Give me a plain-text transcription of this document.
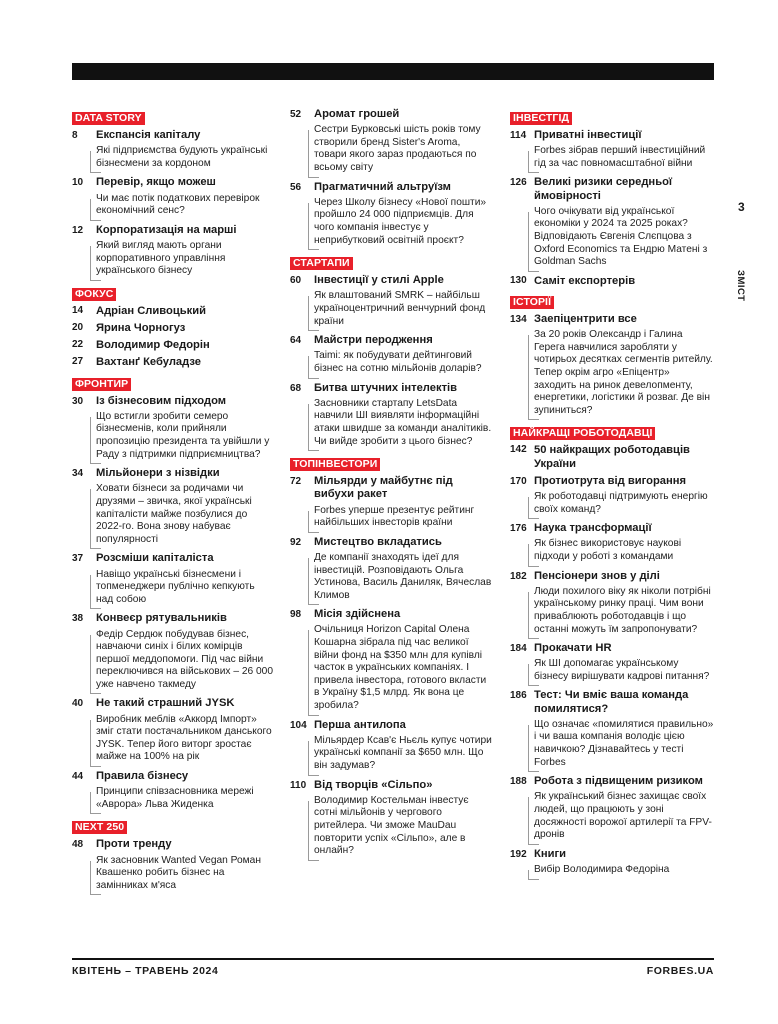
DATA STORY
8	Експансія капіталу
Які підприємства будують українські бізнесмени за кордоном
10	Перевір, якщо можеш
Чи має потік податкових перевірок економічний сенс?
12	Корпоратизація на марші
Який вигляд мають органи корпоративного управління українського бізнесу
ФОКУС
14	Адріан Сливоцький
20	Ярина Чорногуз
22	Володимир Федорін
27	Вахтанґ Кебуладзе
ФРОНТИР
30	Із бізнесовим підходом
Що встигли зробити семеро бізнесменів, коли прийняли пропозицію президента та увійшли у Раду з підтримки підприємництва?
34	Мільйонери з нізвідки
Ховати бізнеси за родичами чи друзями – звичка, якої українські капіталісти майже позбулися до 2022-го. Вона знову набуває популярності
37	Розсміши капіталіста
Навіщо українські бізнесмени і топменеджери публічно кепкують над собою
38	Конвеєр рятувальників
Федір Сердюк побудував бізнес, навчаючи синіх і білих комірців першої меддопомоги. Під час війни переключився на військових – 26 000 уже навчено такмеду
40	Не такий страшний JYSK
Виробник меблів «Аккорд Імпорт» зміг стати постачальником данського JYSK. Тепер його виторг зростає майже на 100% на рік
44	Правила бізнесу
Принципи співзасновника мережі «Аврора» Льва Жиденка
NEXT 250
48	Проти тренду
Як засновник Wanted Vegan Роман Квашенко робить бізнес на замінниках м'яса
52	Аромат грошей
Сестри Бурковські шість років тому створили бренд Sister's Aroma, товари якого зараз продаються по всьому світу
56	Прагматичний альтруїзм
Через Школу бізнесу «Нової пошти» пройшло 24 000 підприємців. Для чого компанія інвестує у неприбутковий освітній проєкт?
СТАРТАПИ
60	Інвестиції у стилі Apple
Як влаштований SMRK – найбільш україноцентричний венчурний фонд країни
64	Майстри перодження
Taimi: як побудувати дейтинговий бізнес на сотню мільйонів доларів?
68	Битва штучних інтелектів
Засновники стартапу LetsData навчили ШІ виявляти інформаційні атаки швидше за команди аналітиків. Чи вийде зробити з цього бізнес?
ТОПІНВЕСТОРИ
72	Мільярди у майбутнє під вибухи ракет
Forbes уперше презентує рейтинг найбільших інвесторів країни
92	Мистецтво вкладатись
Де компанії знаходять ідеї для інвестицій. Розповідають Ольга Устинова, Василь Даниляк, Вячеслав Климов
98	Місія здійснена
Очільниця Horizon Capital Олена Кошарна зібрала під час великої війни фонд на $350 млн для купівлі часток в українських компаніях. І привела інвестора, готового вкласти в Україну $1,5 млрд. Як вона це зробила?
104 Перша антилопа
Мільярдер Ксав'є Ньєль купує чотири українські компанії за $650 млн. Що він задумав?
110 Від творців «Сільпо»
Володимир Костельман інвестує сотні мільйонів у чергового ритейлера. Чи зможе MauDau повторити успіх «Сільпо», але в онлайн?
ІНВЕСТГІД
114 Приватні інвестиції
Forbes зібрав перший інвестиційний гід за час повномасштабної війни
126 Великі ризики середньої ймовірності
Чого очікувати від української економіки у 2024 та 2025 роках? Відповідають Євгенія Слєпцова з Oxford Economics та Ендрю Матені з Goldman Sachs
130 Саміт експортерів
ІСТОРІЇ
134 Заепіцентрити все
За 20 років Олександр і Галина Герега навчилися заробляти у чотирьох десятках сегментів ритейлу. Тепер окрім агро «Епіцентр» заходить на ринок девелопменту, енергетики, логістики й розваг. Де він зупиниться?
НАЙКРАЩІ РОБОТОДАВЦІ
142 50 найкращих роботодавців України
170 Протиотрута від вигорання
Як роботодавці підтримують енергію своїх команд?
176 Наука трансформації
Як бізнес використовує наукові підходи у роботі з командами
182 Пенсіонери знов у ділі
Люди похилого віку як ніколи потрібні українському ринку праці. Чим вони приваблюють роботодавців і що останні можуть їм запропонувати?
184 Прокачати HR
Як ШІ допомагає українському бізнесу вирішувати кадрові питання?
186 Тест: Чи вміє ваша команда помилятися?
Що означає «помилятися правильно» і чи ваша компанія володіє цією навичкою? Дізнавайтесь у тесті Forbes
188 Робота з підвищеним ризиком
Як український бізнес захищає своїх людей, що працюють у зоні досяжності ворожої артилерії та FPV-дронів
192 Книги
Вибір Володимира Федоріна
3
ЗМІСТ
КВІТЕНЬ – ТРАВЕНЬ 2024	FORBES.UA
